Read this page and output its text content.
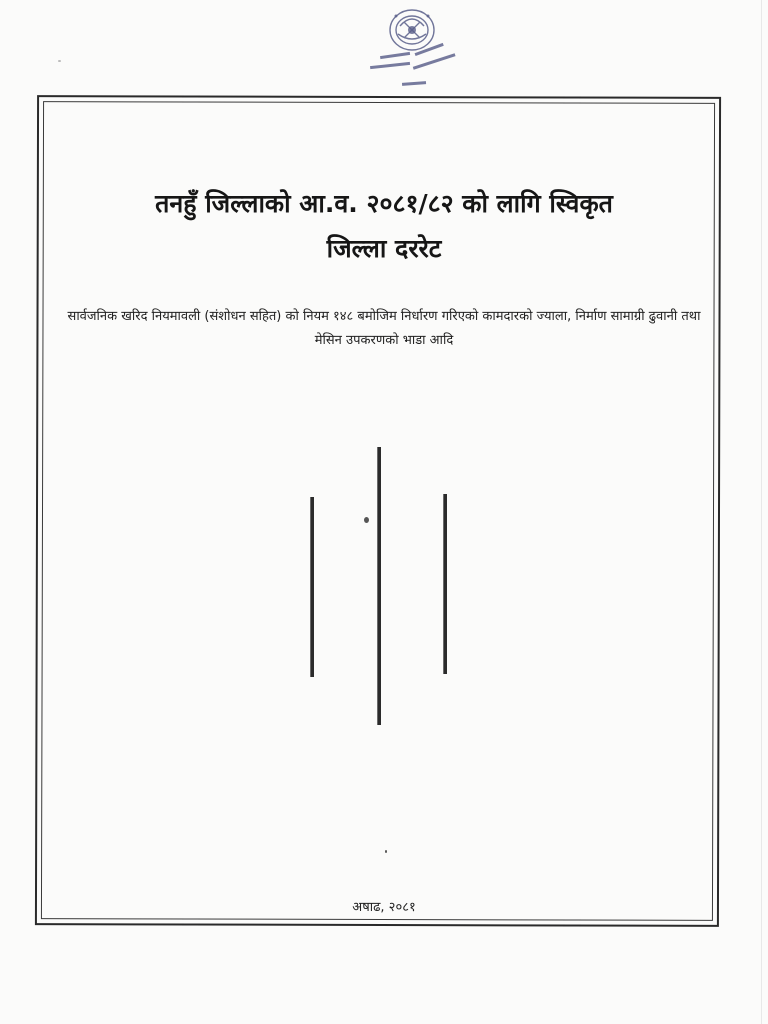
तनहुँ जिल्लाको आ.व. २०८१/८२ को लागि स्विकृत
जिल्ला दररेट

सार्वजनिक खरिद नियमावली (संशोधन सहित) को नियम १४८ बमोजिम निर्धारण गरिएको कामदारको ज्याला, निर्माण सामाग्री ढुवानी तथा मेसिन उपकरणको भाडा आदि

अषाढ, २०८१
